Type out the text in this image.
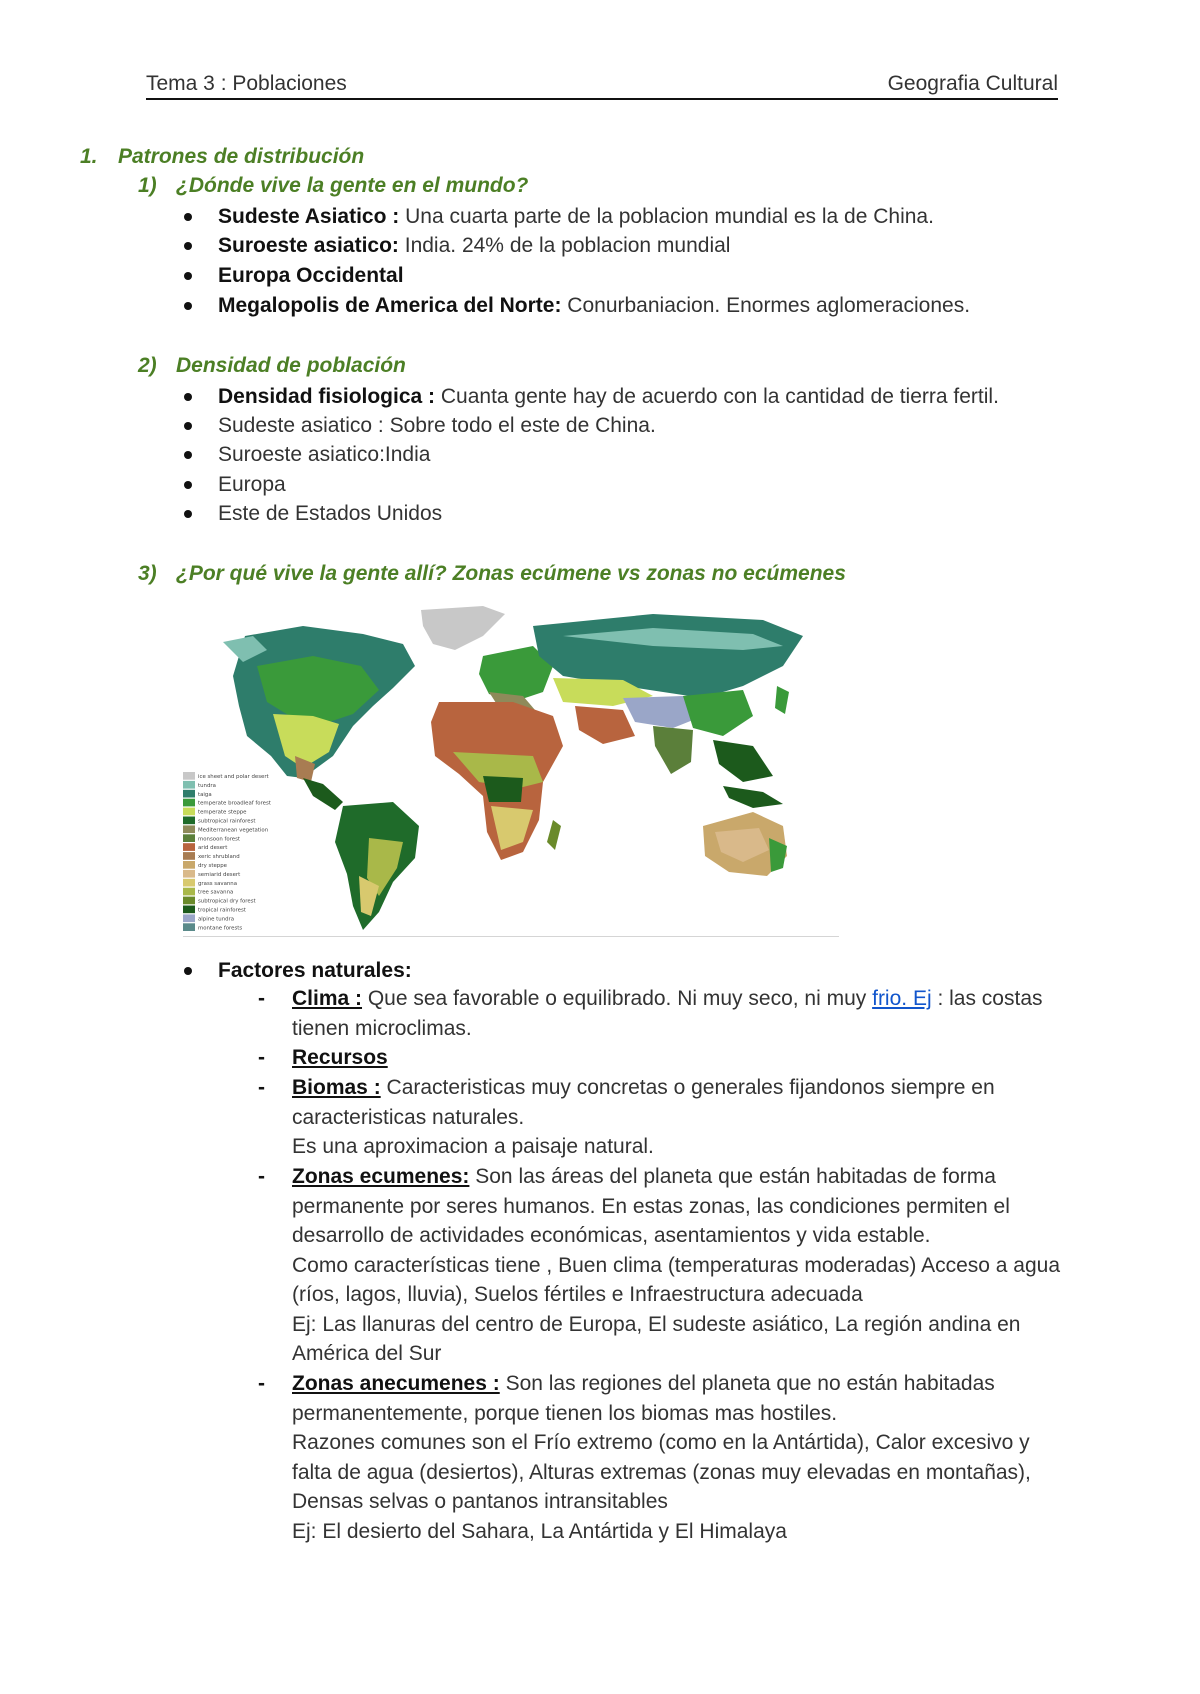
Tema 3 : Poblaciones	Geografia Cultural
1. Patrones de distribución
1) ¿Dónde vive la gente en el mundo?
Sudeste Asiatico : Una cuarta parte de la poblacion mundial es la de China.
Suroeste asiatico: India. 24% de la poblacion mundial
Europa Occidental
Megalopolis de America del Norte: Conurbaniacion. Enormes aglomeraciones.
2) Densidad de población
Densidad fisiologica : Cuanta gente hay de acuerdo con la cantidad de tierra fertil.
Sudeste asiatico : Sobre todo el este de China.
Suroeste asiatico:India
Europa
Este de Estados Unidos
3) ¿Por qué vive la gente allí? Zonas ecúmene vs zonas no ecúmenes
ice sheet and polar desert
tundra
taiga
temperate broadleaf forest
temperate steppe
subtropical rainforest
Mediterranean vegetation
monsoon forest
arid desert
xeric shrubland
dry steppe
semiarid desert
grass savanna
tree savanna
subtropical dry forest
tropical rainforest
alpine tundra
montane forests
Factores naturales:
- Clima : Que sea favorable o equilibrado. Ni muy seco, ni muy frio. Ej : las costas tienen microclimas.
- Recursos
- Biomas : Caracteristicas muy concretas o generales fijandonos siempre en caracteristicas naturales.
Es una aproximacion a paisaje natural.
- Zonas ecumenes: Son las áreas del planeta que están habitadas de forma permanente por seres humanos. En estas zonas, las condiciones permiten el desarrollo de actividades económicas, asentamientos y vida estable.
Como características tiene , Buen clima (temperaturas moderadas) Acceso a agua (ríos, lagos, lluvia), Suelos fértiles e Infraestructura adecuada
Ej: Las llanuras del centro de Europa, El sudeste asiático, La región andina en América del Sur
- Zonas anecumenes : Son las regiones del planeta que no están habitadas permanentemente, porque tienen los biomas mas hostiles.
Razones comunes son el Frío extremo (como en la Antártida), Calor excesivo y falta de agua (desiertos), Alturas extremas (zonas muy elevadas en montañas), Densas selvas o pantanos intransitables
Ej: El desierto del Sahara, La Antártida y El Himalaya
